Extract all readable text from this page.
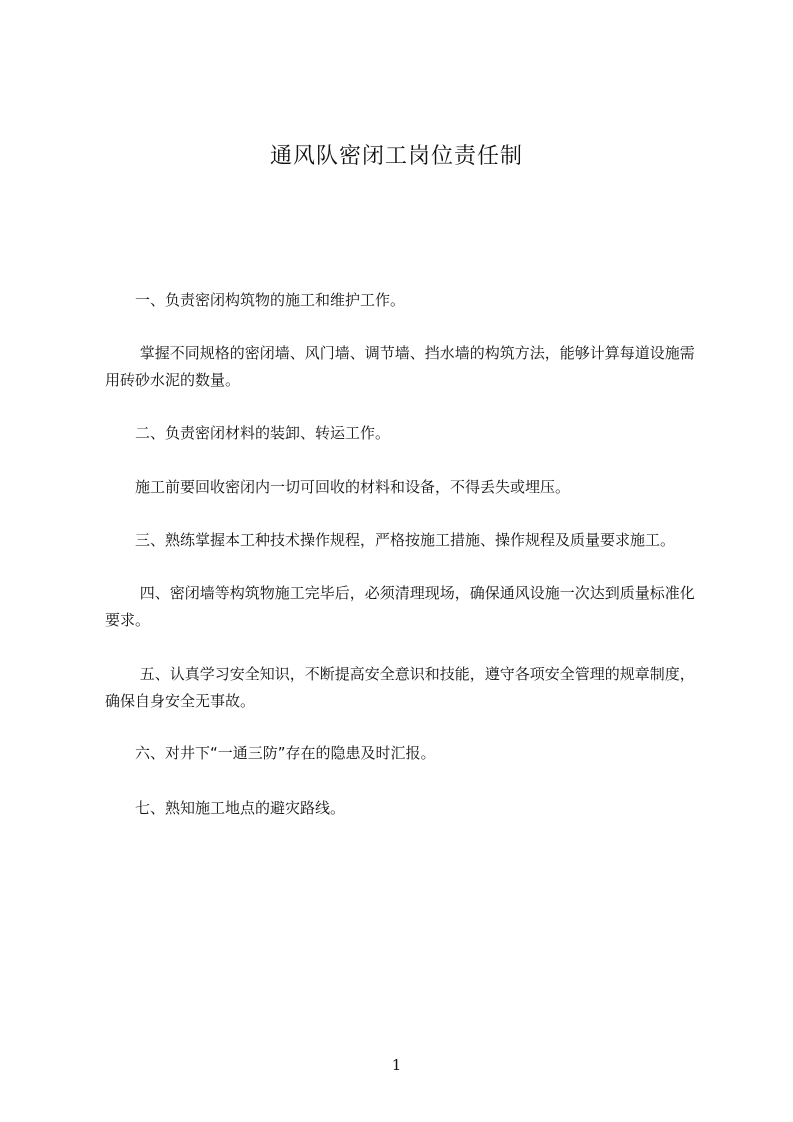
通风队密闭工岗位责任制

　　一、负责密闭构筑物的施工和维护工作。

　　 掌握不同规格的密闭墙、风门墙、调节墙、挡水墙的构筑方法，能够计算每道设施需用砖砂水泥的数量。

　　二、负责密闭材料的装卸、转运工作。

　　施工前要回收密闭内一切可回收的材料和设备，不得丢失或埋压。

　　三、熟练掌握本工种技术操作规程，严格按施工措施、操作规程及质量要求施工。

　　 四、密闭墙等构筑物施工完毕后，必须清理现场，确保通风设施一次达到质量标准化要求。

　　 五、认真学习安全知识，不断提高安全意识和技能，遵守各项安全管理的规章制度，确保自身安全无事故。

　　六、对井下“一通三防”存在的隐患及时汇报。

　　七、熟知施工地点的避灾路线。

1
